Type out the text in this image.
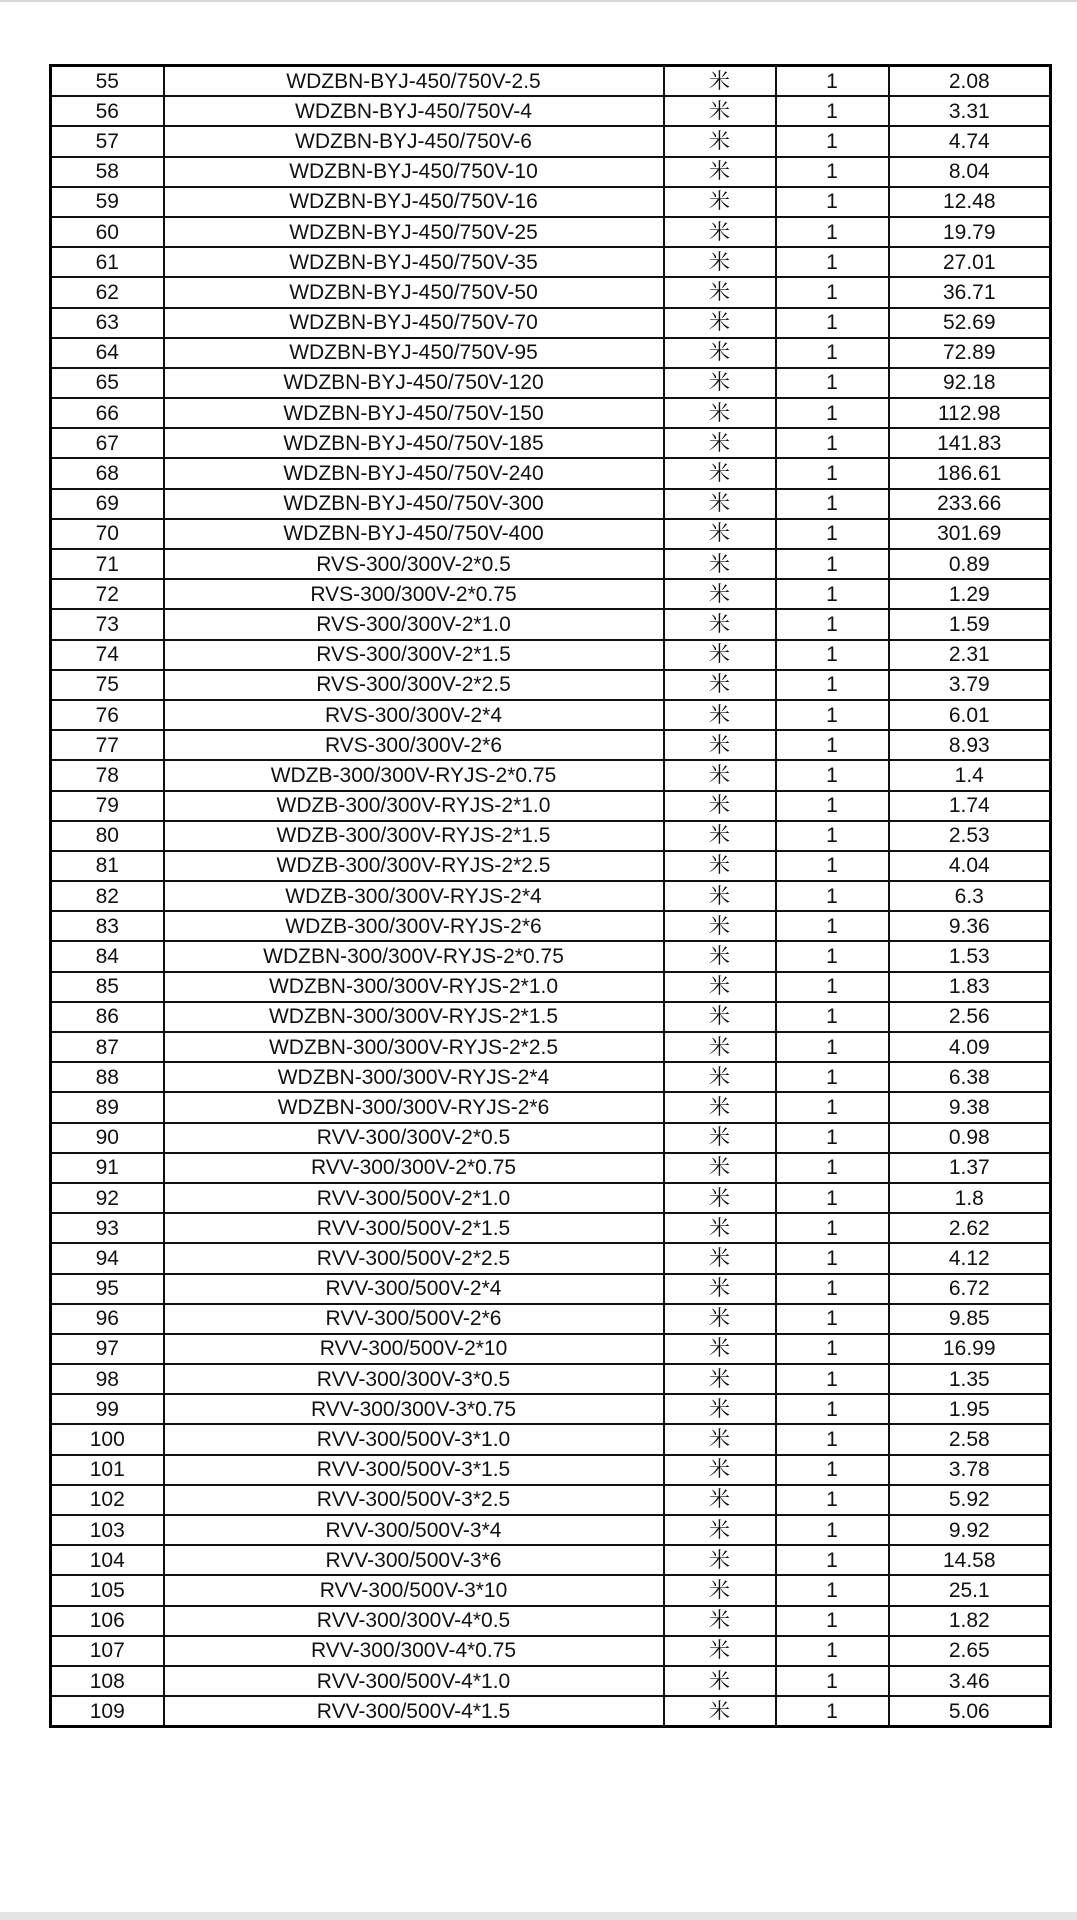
55	WDZBN-BYJ-450/750V-2.5	米	1	2.08
56	WDZBN-BYJ-450/750V-4	米	1	3.31
57	WDZBN-BYJ-450/750V-6	米	1	4.74
58	WDZBN-BYJ-450/750V-10	米	1	8.04
59	WDZBN-BYJ-450/750V-16	米	1	12.48
60	WDZBN-BYJ-450/750V-25	米	1	19.79
61	WDZBN-BYJ-450/750V-35	米	1	27.01
62	WDZBN-BYJ-450/750V-50	米	1	36.71
63	WDZBN-BYJ-450/750V-70	米	1	52.69
64	WDZBN-BYJ-450/750V-95	米	1	72.89
65	WDZBN-BYJ-450/750V-120	米	1	92.18
66	WDZBN-BYJ-450/750V-150	米	1	112.98
67	WDZBN-BYJ-450/750V-185	米	1	141.83
68	WDZBN-BYJ-450/750V-240	米	1	186.61
69	WDZBN-BYJ-450/750V-300	米	1	233.66
70	WDZBN-BYJ-450/750V-400	米	1	301.69
71	RVS-300/300V-2*0.5	米	1	0.89
72	RVS-300/300V-2*0.75	米	1	1.29
73	RVS-300/300V-2*1.0	米	1	1.59
74	RVS-300/300V-2*1.5	米	1	2.31
75	RVS-300/300V-2*2.5	米	1	3.79
76	RVS-300/300V-2*4	米	1	6.01
77	RVS-300/300V-2*6	米	1	8.93
78	WDZB-300/300V-RYJS-2*0.75	米	1	1.4
79	WDZB-300/300V-RYJS-2*1.0	米	1	1.74
80	WDZB-300/300V-RYJS-2*1.5	米	1	2.53
81	WDZB-300/300V-RYJS-2*2.5	米	1	4.04
82	WDZB-300/300V-RYJS-2*4	米	1	6.3
83	WDZB-300/300V-RYJS-2*6	米	1	9.36
84	WDZBN-300/300V-RYJS-2*0.75	米	1	1.53
85	WDZBN-300/300V-RYJS-2*1.0	米	1	1.83
86	WDZBN-300/300V-RYJS-2*1.5	米	1	2.56
87	WDZBN-300/300V-RYJS-2*2.5	米	1	4.09
88	WDZBN-300/300V-RYJS-2*4	米	1	6.38
89	WDZBN-300/300V-RYJS-2*6	米	1	9.38
90	RVV-300/300V-2*0.5	米	1	0.98
91	RVV-300/300V-2*0.75	米	1	1.37
92	RVV-300/500V-2*1.0	米	1	1.8
93	RVV-300/500V-2*1.5	米	1	2.62
94	RVV-300/500V-2*2.5	米	1	4.12
95	RVV-300/500V-2*4	米	1	6.72
96	RVV-300/500V-2*6	米	1	9.85
97	RVV-300/500V-2*10	米	1	16.99
98	RVV-300/300V-3*0.5	米	1	1.35
99	RVV-300/300V-3*0.75	米	1	1.95
100	RVV-300/500V-3*1.0	米	1	2.58
101	RVV-300/500V-3*1.5	米	1	3.78
102	RVV-300/500V-3*2.5	米	1	5.92
103	RVV-300/500V-3*4	米	1	9.92
104	RVV-300/500V-3*6	米	1	14.58
105	RVV-300/500V-3*10	米	1	25.1
106	RVV-300/300V-4*0.5	米	1	1.82
107	RVV-300/300V-4*0.75	米	1	2.65
108	RVV-300/500V-4*1.0	米	1	3.46
109	RVV-300/500V-4*1.5	米	1	5.06
